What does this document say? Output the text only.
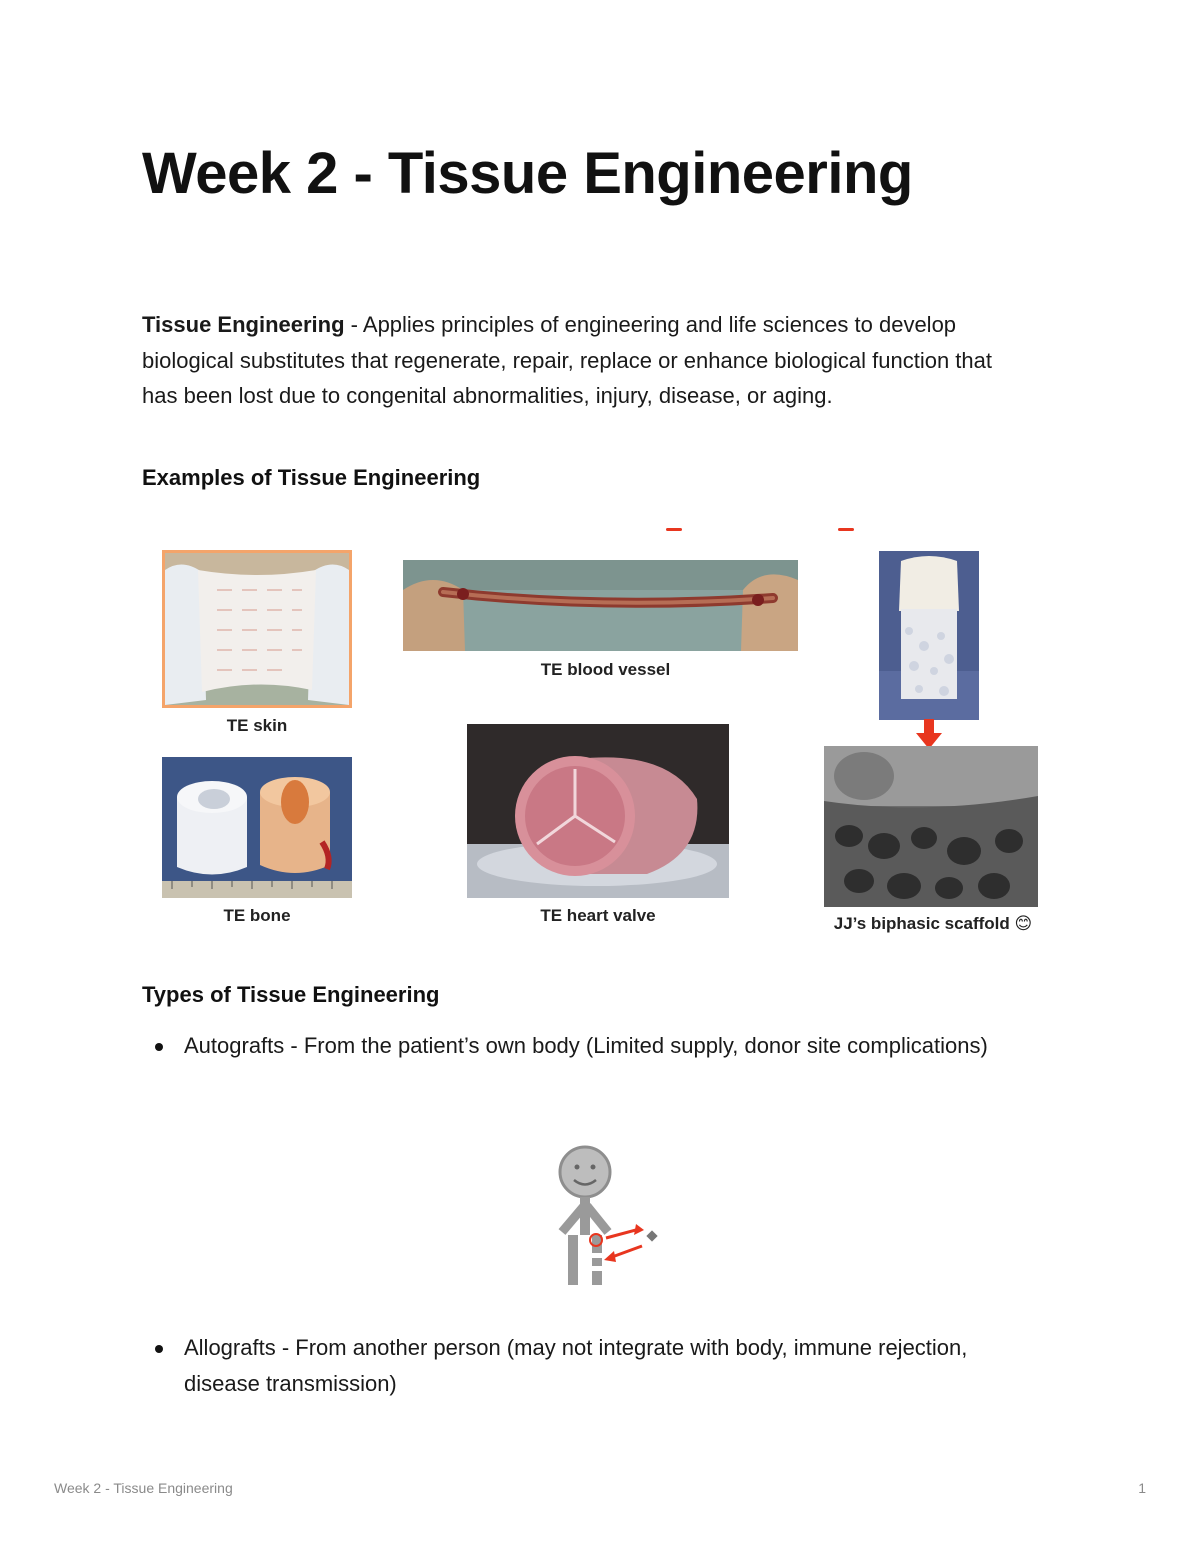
Week 2 - Tissue Engineering

Tissue Engineering - Applies principles of engineering and life sciences to develop biological substitutes that regenerate, repair, replace or enhance biological function that has been lost due to congenital abnormalities, injury, disease, or aging.

Examples of Tissue Engineering

TE skin

TE blood vessel

TE bone	TE heart valve	JJ’s biphasic scaffold 😊

Types of Tissue Engineering
Autografts - From the patient’s own body (Limited supply, donor site complications)
Allografts - From another person (may not integrate with body, immune rejection, disease transmission)

Week 2 - Tissue Engineering	1
